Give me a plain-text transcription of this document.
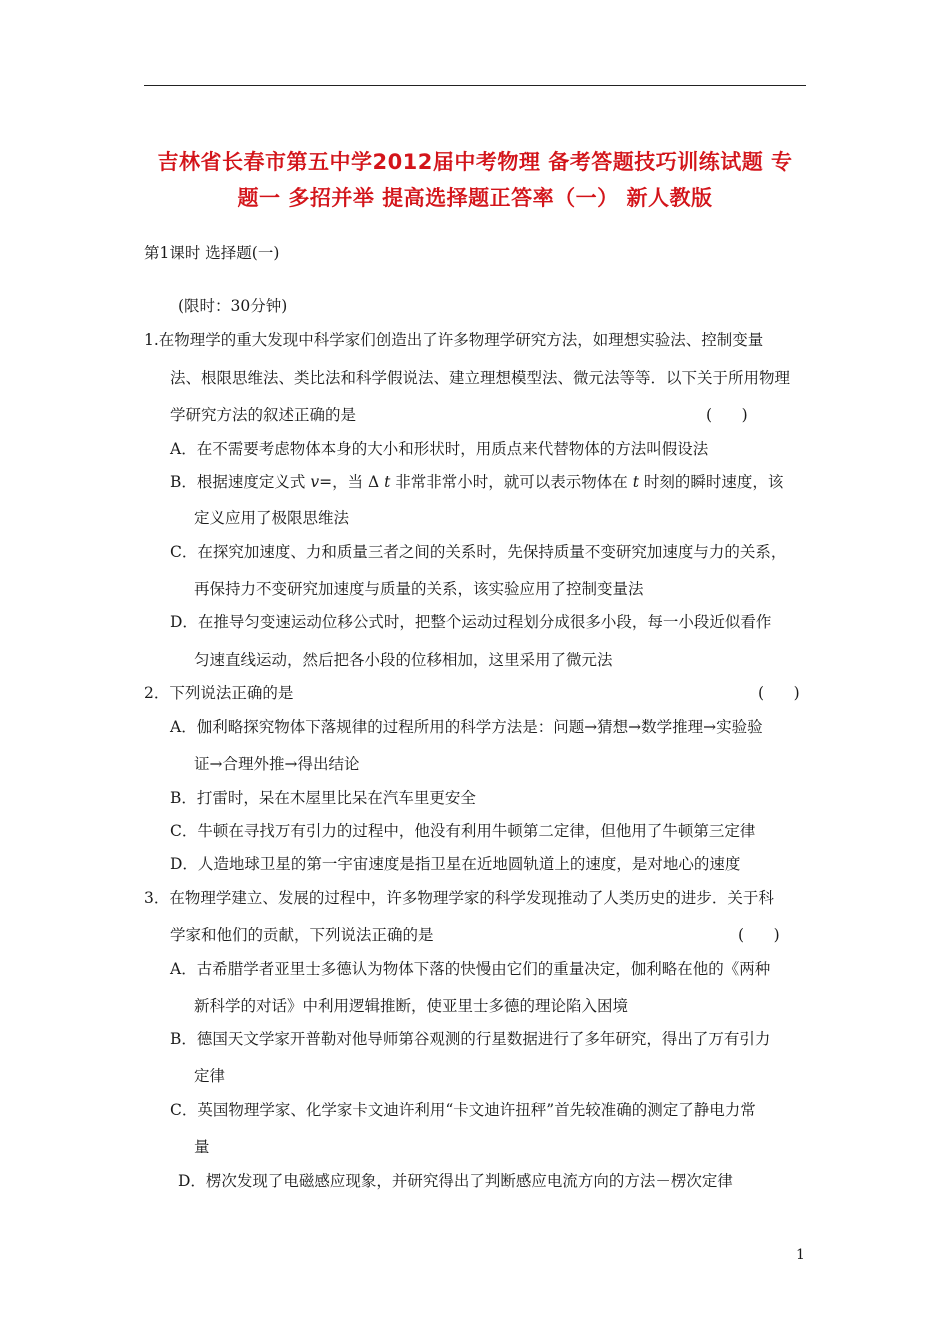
吉林省长春市第五中学2012届中考物理 备考答题技巧训练试题 专
题一 多招并举 提高选择题正答率（一） 新人教版
第1课时 选择题(一)
(限时：30分钟)
1.在物理学的重大发现中科学家们创造出了许多物理学研究方法，如理想实验法、控制变量
法、根限思维法、类比法和科学假说法、建立理想模型法、微元法等等．以下关于所用物理
学研究方法的叙述正确的是	(      )
A．在不需要考虑物体本身的大小和形状时，用质点来代替物体的方法叫假设法
B．根据速度定义式 v=，当 Δ t 非常非常小时，就可以表示物体在 t 时刻的瞬时速度，该
定义应用了极限思维法
C．在探究加速度、力和质量三者之间的关系时，先保持质量不变研究加速度与力的关系，
再保持力不变研究加速度与质量的关系，该实验应用了控制变量法
D．在推导匀变速运动位移公式时，把整个运动过程划分成很多小段，每一小段近似看作
匀速直线运动，然后把各小段的位移相加，这里采用了微元法
2．下列说法正确的是	(      )
A．伽利略探究物体下落规律的过程所用的科学方法是：问题→猜想→数学推理→实验验
证→合理外推→得出结论
B．打雷时，呆在木屋里比呆在汽车里更安全
C．牛顿在寻找万有引力的过程中，他没有利用牛顿第二定律，但他用了牛顿第三定律
D．人造地球卫星的第一宇宙速度是指卫星在近地圆轨道上的速度，是对地心的速度
3．在物理学建立、发展的过程中，许多物理学家的科学发现推动了人类历史的进步．关于科
学家和他们的贡献，下列说法正确的是	(      )
A．古希腊学者亚里士多德认为物体下落的快慢由它们的重量决定，伽利略在他的《两种
新科学的对话》中利用逻辑推断，使亚里士多德的理论陷入困境
B．德国天文学家开普勒对他导师第谷观测的行星数据进行了多年研究，得出了万有引力
定律
C．英国物理学家、化学家卡文迪许利用“卡文迪许扭秤”首先较准确的测定了静电力常
量
D．楞次发现了电磁感应现象，并研究得出了判断感应电流方向的方法－楞次定律
1
